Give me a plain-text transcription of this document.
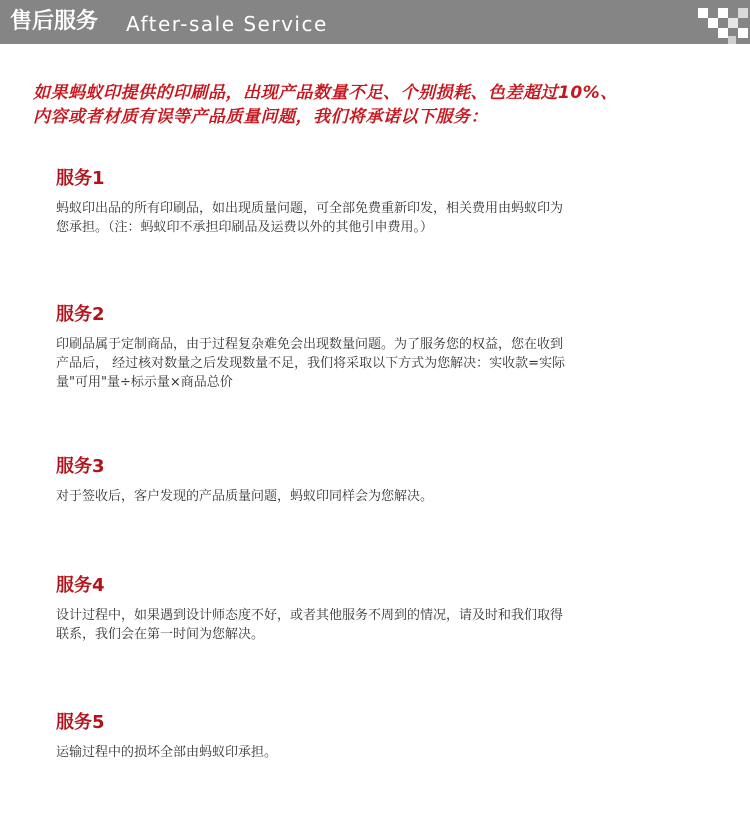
售后服务 After-sale Service
如果蚂蚁印提供的印刷品，出现产品数量不足、个别损耗、色差超过10%、
内容或者材质有误等产品质量问题，我们将承诺以下服务：
服务1
蚂蚁印出品的所有印刷品，如出现质量问题，可全部免费重新印发，相关费用由蚂蚁印为
您承担。（注：蚂蚁印不承担印刷品及运费以外的其他引申费用。）
服务2
印刷品属于定制商品，由于过程复杂难免会出现数量问题。为了服务您的权益，您在收到
产品后， 经过核对数量之后发现数量不足，我们将采取以下方式为您解决：实收款=实际
量"可用"量÷标示量×商品总价
服务3
对于签收后，客户发现的产品质量问题，蚂蚁印同样会为您解决。
服务4
设计过程中，如果遇到设计师态度不好，或者其他服务不周到的情况，请及时和我们取得
联系，我们会在第一时间为您解决。
服务5
运输过程中的损坏全部由蚂蚁印承担。
